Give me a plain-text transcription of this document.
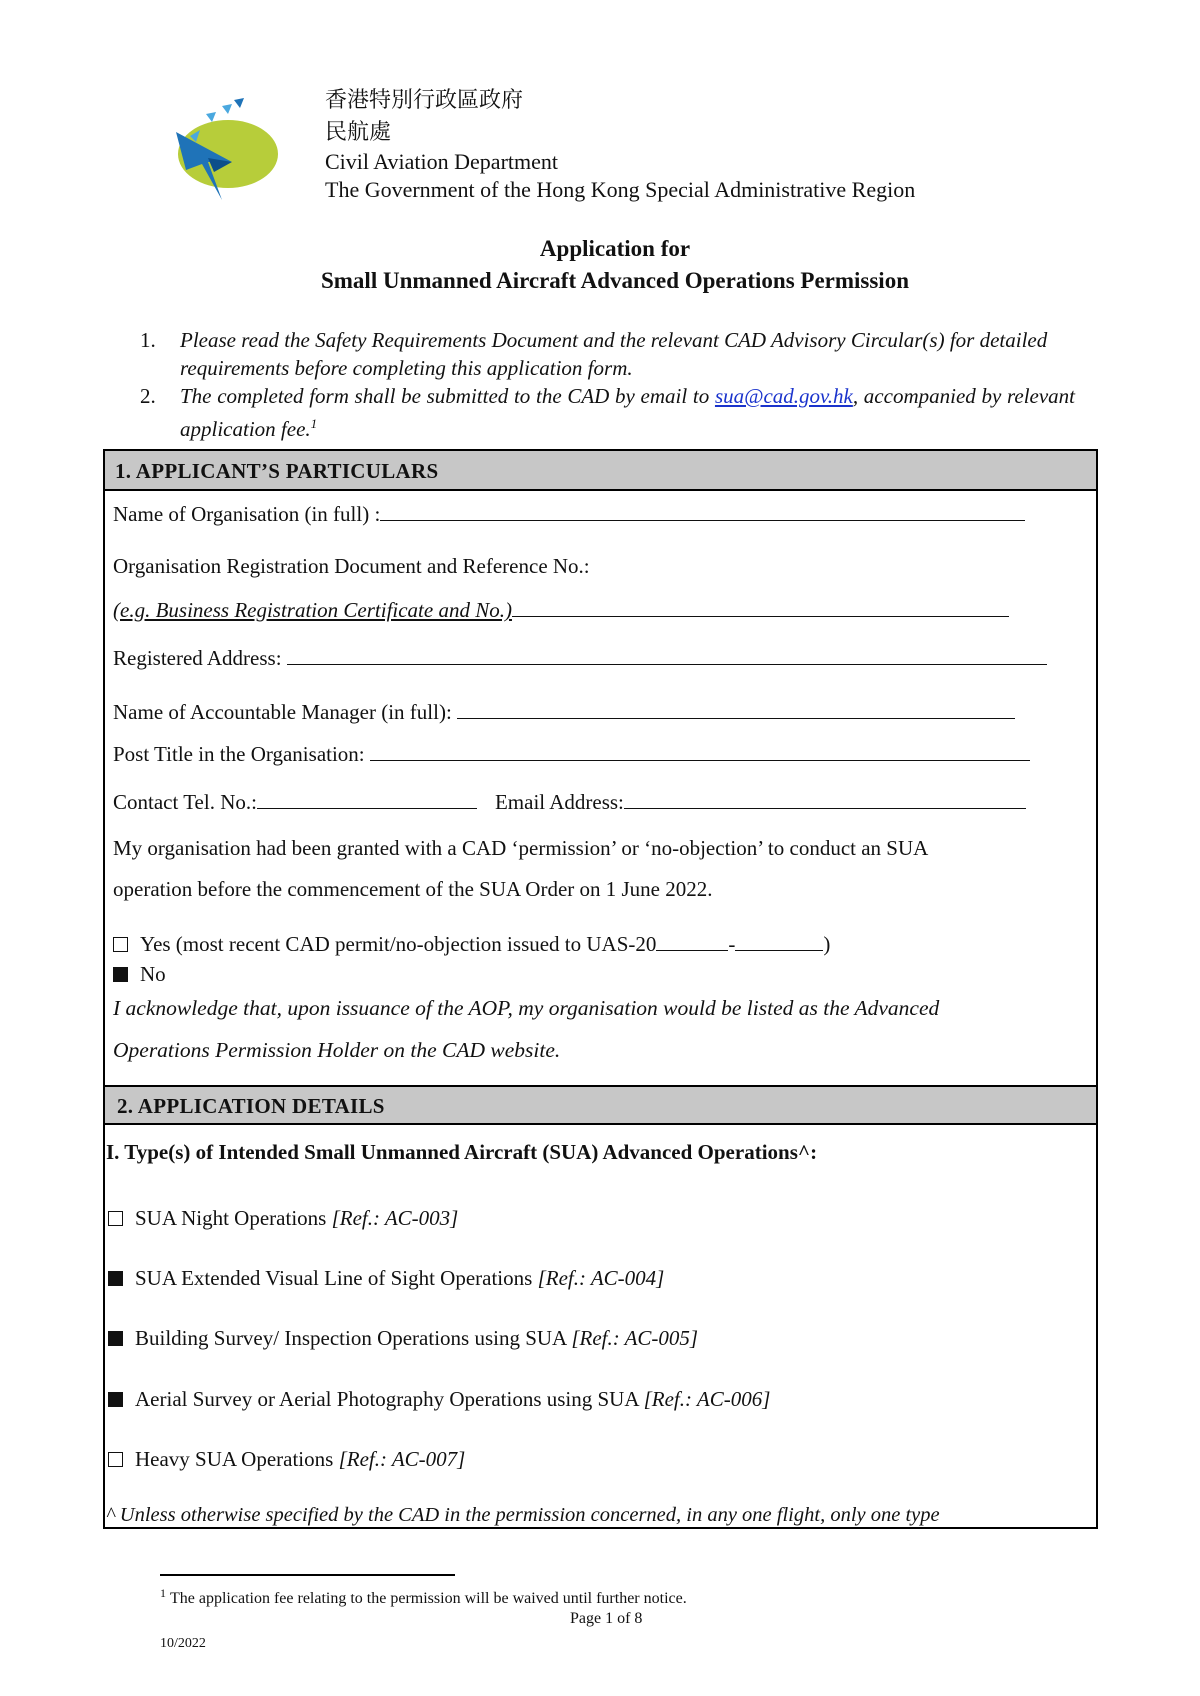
香港特別行政區政府
民航處
Civil Aviation Department
The Government of the Hong Kong Special Administrative Region
Application for
Small Unmanned Aircraft Advanced Operations Permission
1. Please read the Safety Requirements Document and the relevant CAD Advisory Circular(s) for detailed requirements before completing this application form.
2. The completed form shall be submitted to the CAD by email to sua@cad.gov.hk, accompanied by relevant application fee.$^1$
1. APPLICANT’S PARTICULARS
Name of Organisation (in full) :
Organisation Registration Document and Reference No.:
(e.g. Business Registration Certificate and No.)
Registered Address:
Name of Accountable Manager (in full):
Post Title in the Organisation:
Contact Tel. No.:	Email Address:
My organisation had been granted with a CAD ‘permission’ or ‘no-objection’ to conduct an SUA
operation before the commencement of the SUA Order on 1 June 2022.
Yes (most recent CAD permit/no-objection issued to UAS-20	-	)
No
I acknowledge that, upon issuance of the AOP, my organisation would be listed as the Advanced
Operations Permission Holder on the CAD website.
2. APPLICATION DETAILS
I. Type(s) of Intended Small Unmanned Aircraft (SUA) Advanced Operations^:
SUA Night Operations [Ref.: AC-003]
SUA Extended Visual Line of Sight Operations [Ref.: AC-004]
Building Survey/ Inspection Operations using SUA [Ref.: AC-005]
Aerial Survey or Aerial Photography Operations using SUA [Ref.: AC-006]
Heavy SUA Operations [Ref.: AC-007]
^ Unless otherwise specified by the CAD in the permission concerned, in any one flight, only one type
$^1$ The application fee relating to the permission will be waived until further notice.
Page 1 of 8
10/2022
